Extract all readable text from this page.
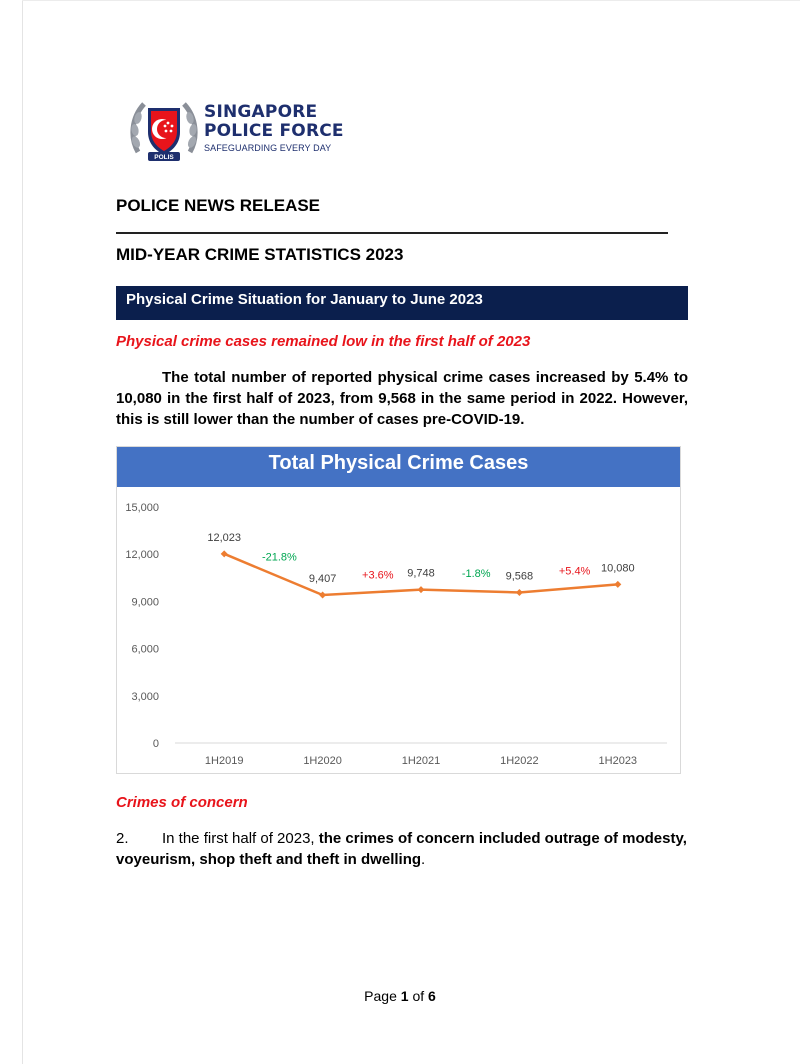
POLIS
SINGAPORE
POLICE FORCE
SAFEGUARDING EVERY DAY
POLICE NEWS RELEASE
MID-YEAR CRIME STATISTICS 2023
Physical Crime Situation for January to June 2023
Physical crime cases remained low in the first half of 2023
The total number of reported physical crime cases increased by 5.4% to 10,080 in the first half of 2023, from 9,568 in the same period in 2022. However, this is still lower than the number of cases pre-COVID-19.
Total Physical Crime Cases
0
3,000
6,000
9,000
12,000
15,000
1H2019	1H2020	1H2021	1H2022	1H2023
12,023
9,407	9,748	9,568
10,080
-21.8%
+3.6%	-1.8%	+5.4%
Crimes of concern
2. In the first half of 2023, the crimes of concern included outrage of modesty, voyeurism, shop theft and theft in dwelling.
Page 1 of 6
